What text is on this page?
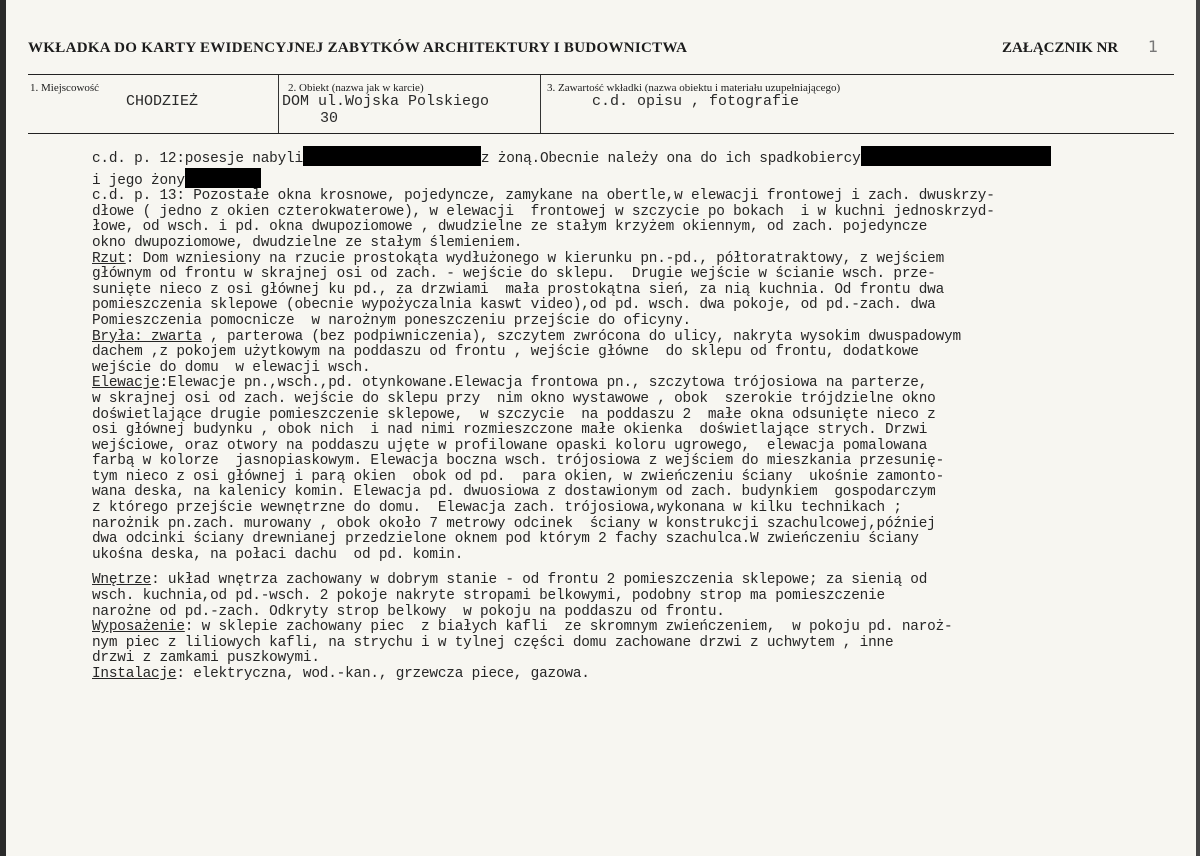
WKŁADKA DO KARTY EWIDENCYJNEJ ZABYTKÓW ARCHITEKTURY I BUDOWNICTWA	ZAŁĄCZNIK NR 1
1. Miejscowość
CHODZIEŻ
2. Obiekt (nazwa jak w karcie)
DOM ul.Wojska Polskiego
30
3. Zawartość wkładki (nazwa obiektu i materiału uzupełniającego)
c.d. opisu , fotografie
c.d. p. 12:posesje nabyli	z żoną.Obecnie należy ona do ich spadkobiercy
i jego żony
c.d. p. 13: Pozostałe okna krosnowe, pojedyncze, zamykane na obertle,w elewacji frontowej i zach. dwuskrzy-
dłowe ( jedno z okien czterokwaterowe), w elewacji  frontowej w szczycie po bokach  i w kuchni jednoskrzyd-
łowe, od wsch. i pd. okna dwupoziomowe , dwudzielne ze stałym krzyżem okiennym, od zach. pojedyncze
okno dwupoziomowe, dwudzielne ze stałym ślemieniem.
Rzut: Dom wzniesiony na rzucie prostokąta wydłużonego w kierunku pn.-pd., półtoratraktowy, z wejściem
głównym od frontu w skrajnej osi od zach. - wejście do sklepu.  Drugie wejście w ścianie wsch. prze-
sunięte nieco z osi głównej ku pd., za drzwiami  mała prostokątna sień, za nią kuchnia. Od frontu dwa
pomieszczenia sklepowe (obecnie wypożyczalnia kaswt video),od pd. wsch. dwa pokoje, od pd.-zach. dwa
Pomieszczenia pomocnicze  w narożnym poneszczeniu przejście do oficyny.
Bryła: zwarta , parterowa (bez podpiwniczenia), szczytem zwrócona do ulicy, nakryta wysokim dwuspadowym
dachem ,z pokojem użytkowym na poddaszu od frontu , wejście główne  do sklepu od frontu, dodatkowe
wejście do domu  w elewacji wsch.
Elewacje:Elewacje pn.,wsch.,pd. otynkowane.Elewacja frontowa pn., szczytowa trójosiowa na parterze,
w skrajnej osi od zach. wejście do sklepu przy  nim okno wystawowe , obok  szerokie trójdzielne okno
doświetlające drugie pomieszczenie sklepowe,  w szczycie  na poddaszu 2  małe okna odsunięte nieco z
osi głównej budynku , obok nich  i nad nimi rozmieszczone małe okienka  doświetlające strych. Drzwi
wejściowe, oraz otwory na poddaszu ujęte w profilowane opaski koloru ugrowego,  elewacja pomalowana
farbą w kolorze  jasnopiaskowym. Elewacja boczna wsch. trójosiowa z wejściem do mieszkania przesunię-
tym nieco z osi głównej i parą okien  obok od pd.  para okien, w zwieńczeniu ściany  ukośnie zamonto-
wana deska, na kalenicy komin. Elewacja pd. dwuosiowa z dostawionym od zach. budynkiem  gospodarczym
z którego przejście wewnętrzne do domu.  Elewacja zach. trójosiowa,wykonana w kilku technikach ;
narożnik pn.zach. murowany , obok około 7 metrowy odcinek  ściany w konstrukcji szachulcowej,później
dwa odcinki ściany drewnianej przedzielone oknem pod którym 2 fachy szachulca.W zwieńczeniu ściany
ukośna deska, na połaci dachu  od pd. komin.
Wnętrze: układ wnętrza zachowany w dobrym stanie - od frontu 2 pomieszczenia sklepowe; za sienią od
wsch. kuchnia,od pd.-wsch. 2 pokoje nakryte stropami belkowymi, podobny strop ma pomieszczenie
narożne od pd.-zach. Odkryty strop belkowy  w pokoju na poddaszu od frontu.
Wyposażenie: w sklepie zachowany piec  z białych kafli  ze skromnym zwieńczeniem,  w pokoju pd. naroż-
nym piec z liliowych kafli, na strychu i w tylnej części domu zachowane drzwi z uchwytem , inne
drzwi z zamkami puszkowymi.
Instalacje: elektryczna, wod.-kan., grzewcza piece, gazowa.
